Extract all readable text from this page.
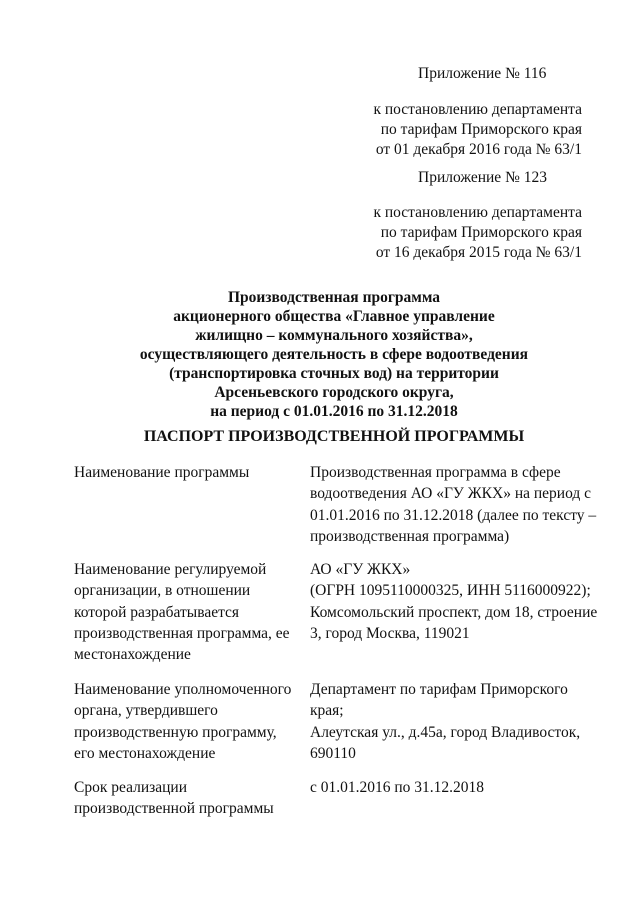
Приложение № 116
к постановлению департамента
по тарифам Приморского края
от 01 декабря 2016 года № 63/1
Приложение № 123
к постановлению департамента
по тарифам Приморского края
от 16 декабря 2015 года № 63/1
Производственная программа
акционерного общества «Главное управление
жилищно – коммунального хозяйства»,
осуществляющего деятельность в сфере водоотведения
(транспортировка сточных вод) на территории
Арсеньевского городского округа,
на период с 01.01.2016 по 31.12.2018
ПАСПОРТ ПРОИЗВОДСТВЕННОЙ ПРОГРАММЫ
Наименование программы	Производственная программа в сфере
водоотведения АО «ГУ ЖКХ» на период с
01.01.2016 по 31.12.2018 (далее по тексту –
производственная программа)
Наименование регулируемой
организации, в отношении
которой разрабатывается
производственная программа, ее
местонахождение
АО «ГУ ЖКХ»
(ОГРН 1095110000325, ИНН 5116000922);
Комсомольский проспект, дом 18, строение
3, город Москва, 119021
Наименование уполномоченного
органа, утвердившего
производственную программу,
его местонахождение
Департамент по тарифам Приморского
края;
Алеутская ул., д.45а, город Владивосток,
690110
Срок реализации
производственной программы
с 01.01.2016 по 31.12.2018
